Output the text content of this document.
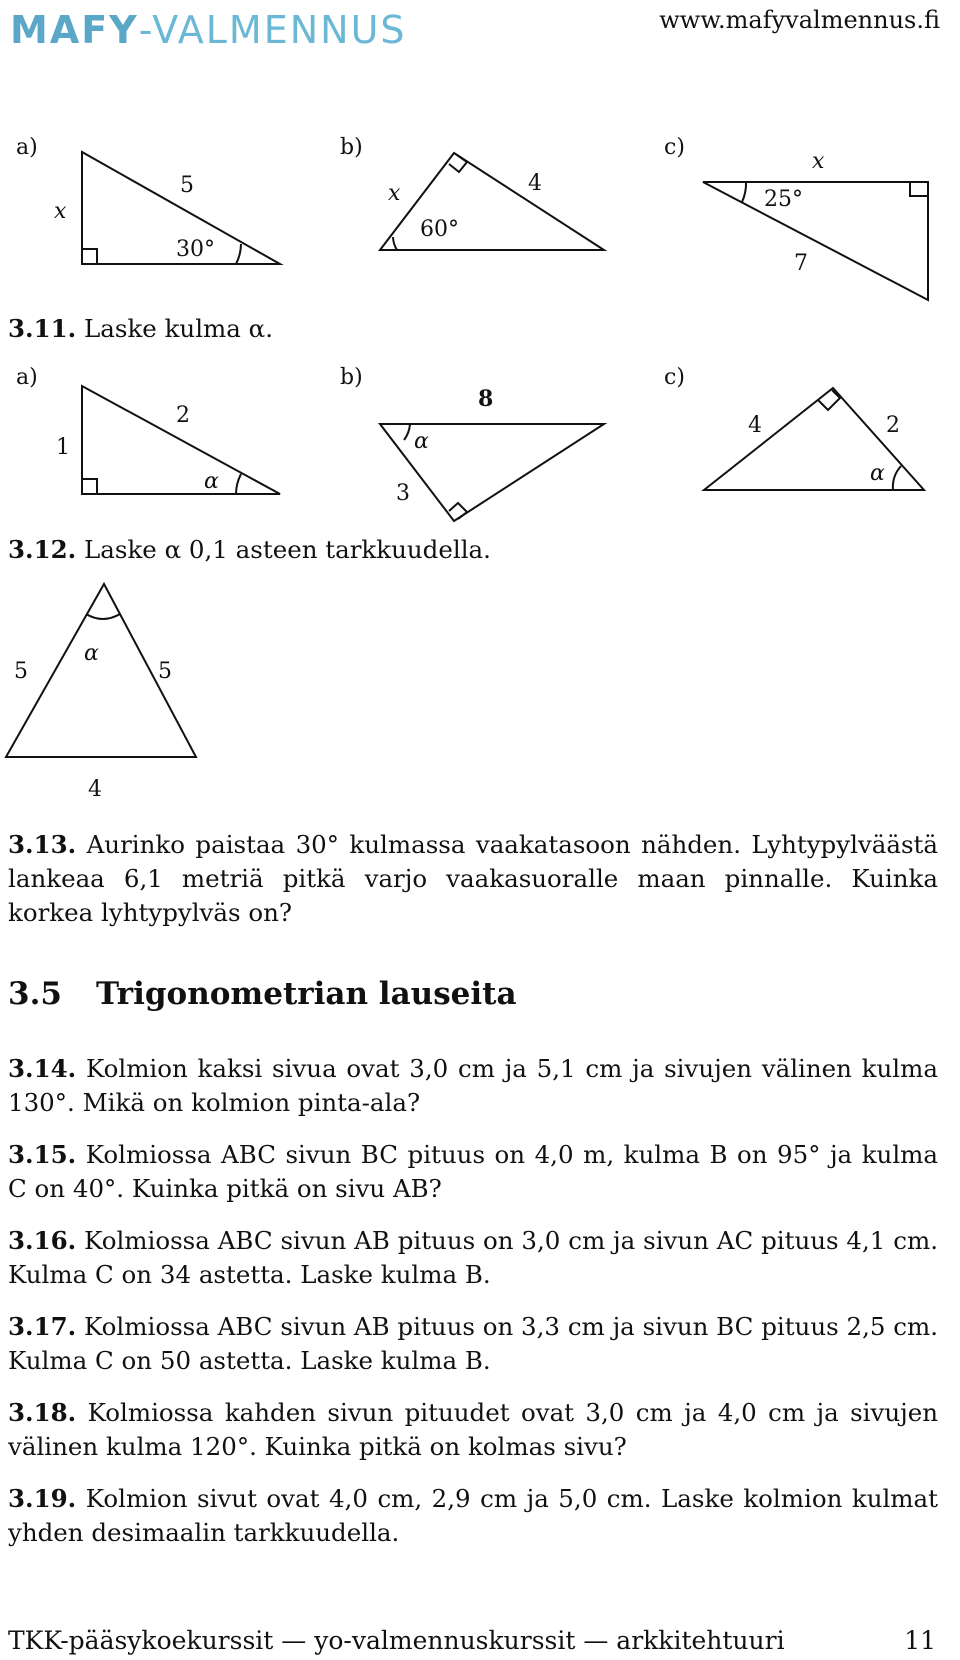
MAFY-VALMENNUS	www.mafyvalmennus.fi
a)	b)	c)
x
5
30°
x	4
60°
x
25°
7
a)	b)	c)
1
2
α
8
α
3
4	2
α
5
α
5
4
3.11. Laske kulma α.
3.12. Laske α 0,1 asteen tarkkuudella.
3.13. Aurinko paistaa 30° kulmassa vaakatasoon nähden. Lyhtypylväästä lankeaa 6,1 metriä pitkä varjo vaakasuoralle maan pinnalle. Kuinka korkea lyhtypylväs on?
3.5 Trigonometrian lauseita
3.14. Kolmion kaksi sivua ovat 3,0 cm ja 5,1 cm ja sivujen välinen kulma 130°. Mikä on kolmion pinta-ala?
3.15. Kolmiossa ABC sivun BC pituus on 4,0 m, kulma B on 95° ja kulma C on 40°. Kuinka pitkä on sivu AB?
3.16. Kolmiossa ABC sivun AB pituus on 3,0 cm ja sivun AC pituus 4,1 cm. Kulma C on 34 astetta. Laske kulma B.
3.17. Kolmiossa ABC sivun AB pituus on 3,3 cm ja sivun BC pituus 2,5 cm. Kulma C on 50 astetta. Laske kulma B.
3.18. Kolmiossa kahden sivun pituudet ovat 3,0 cm ja 4,0 cm ja sivujen välinen kulma 120°. Kuinka pitkä on kolmas sivu?
3.19. Kolmion sivut ovat 4,0 cm, 2,9 cm ja 5,0 cm. Laske kolmion kulmat yhden desimaalin tarkkuudella.
TKK-pääsykoekurssit — yo-valmennuskurssit — arkkitehtuuri	11
